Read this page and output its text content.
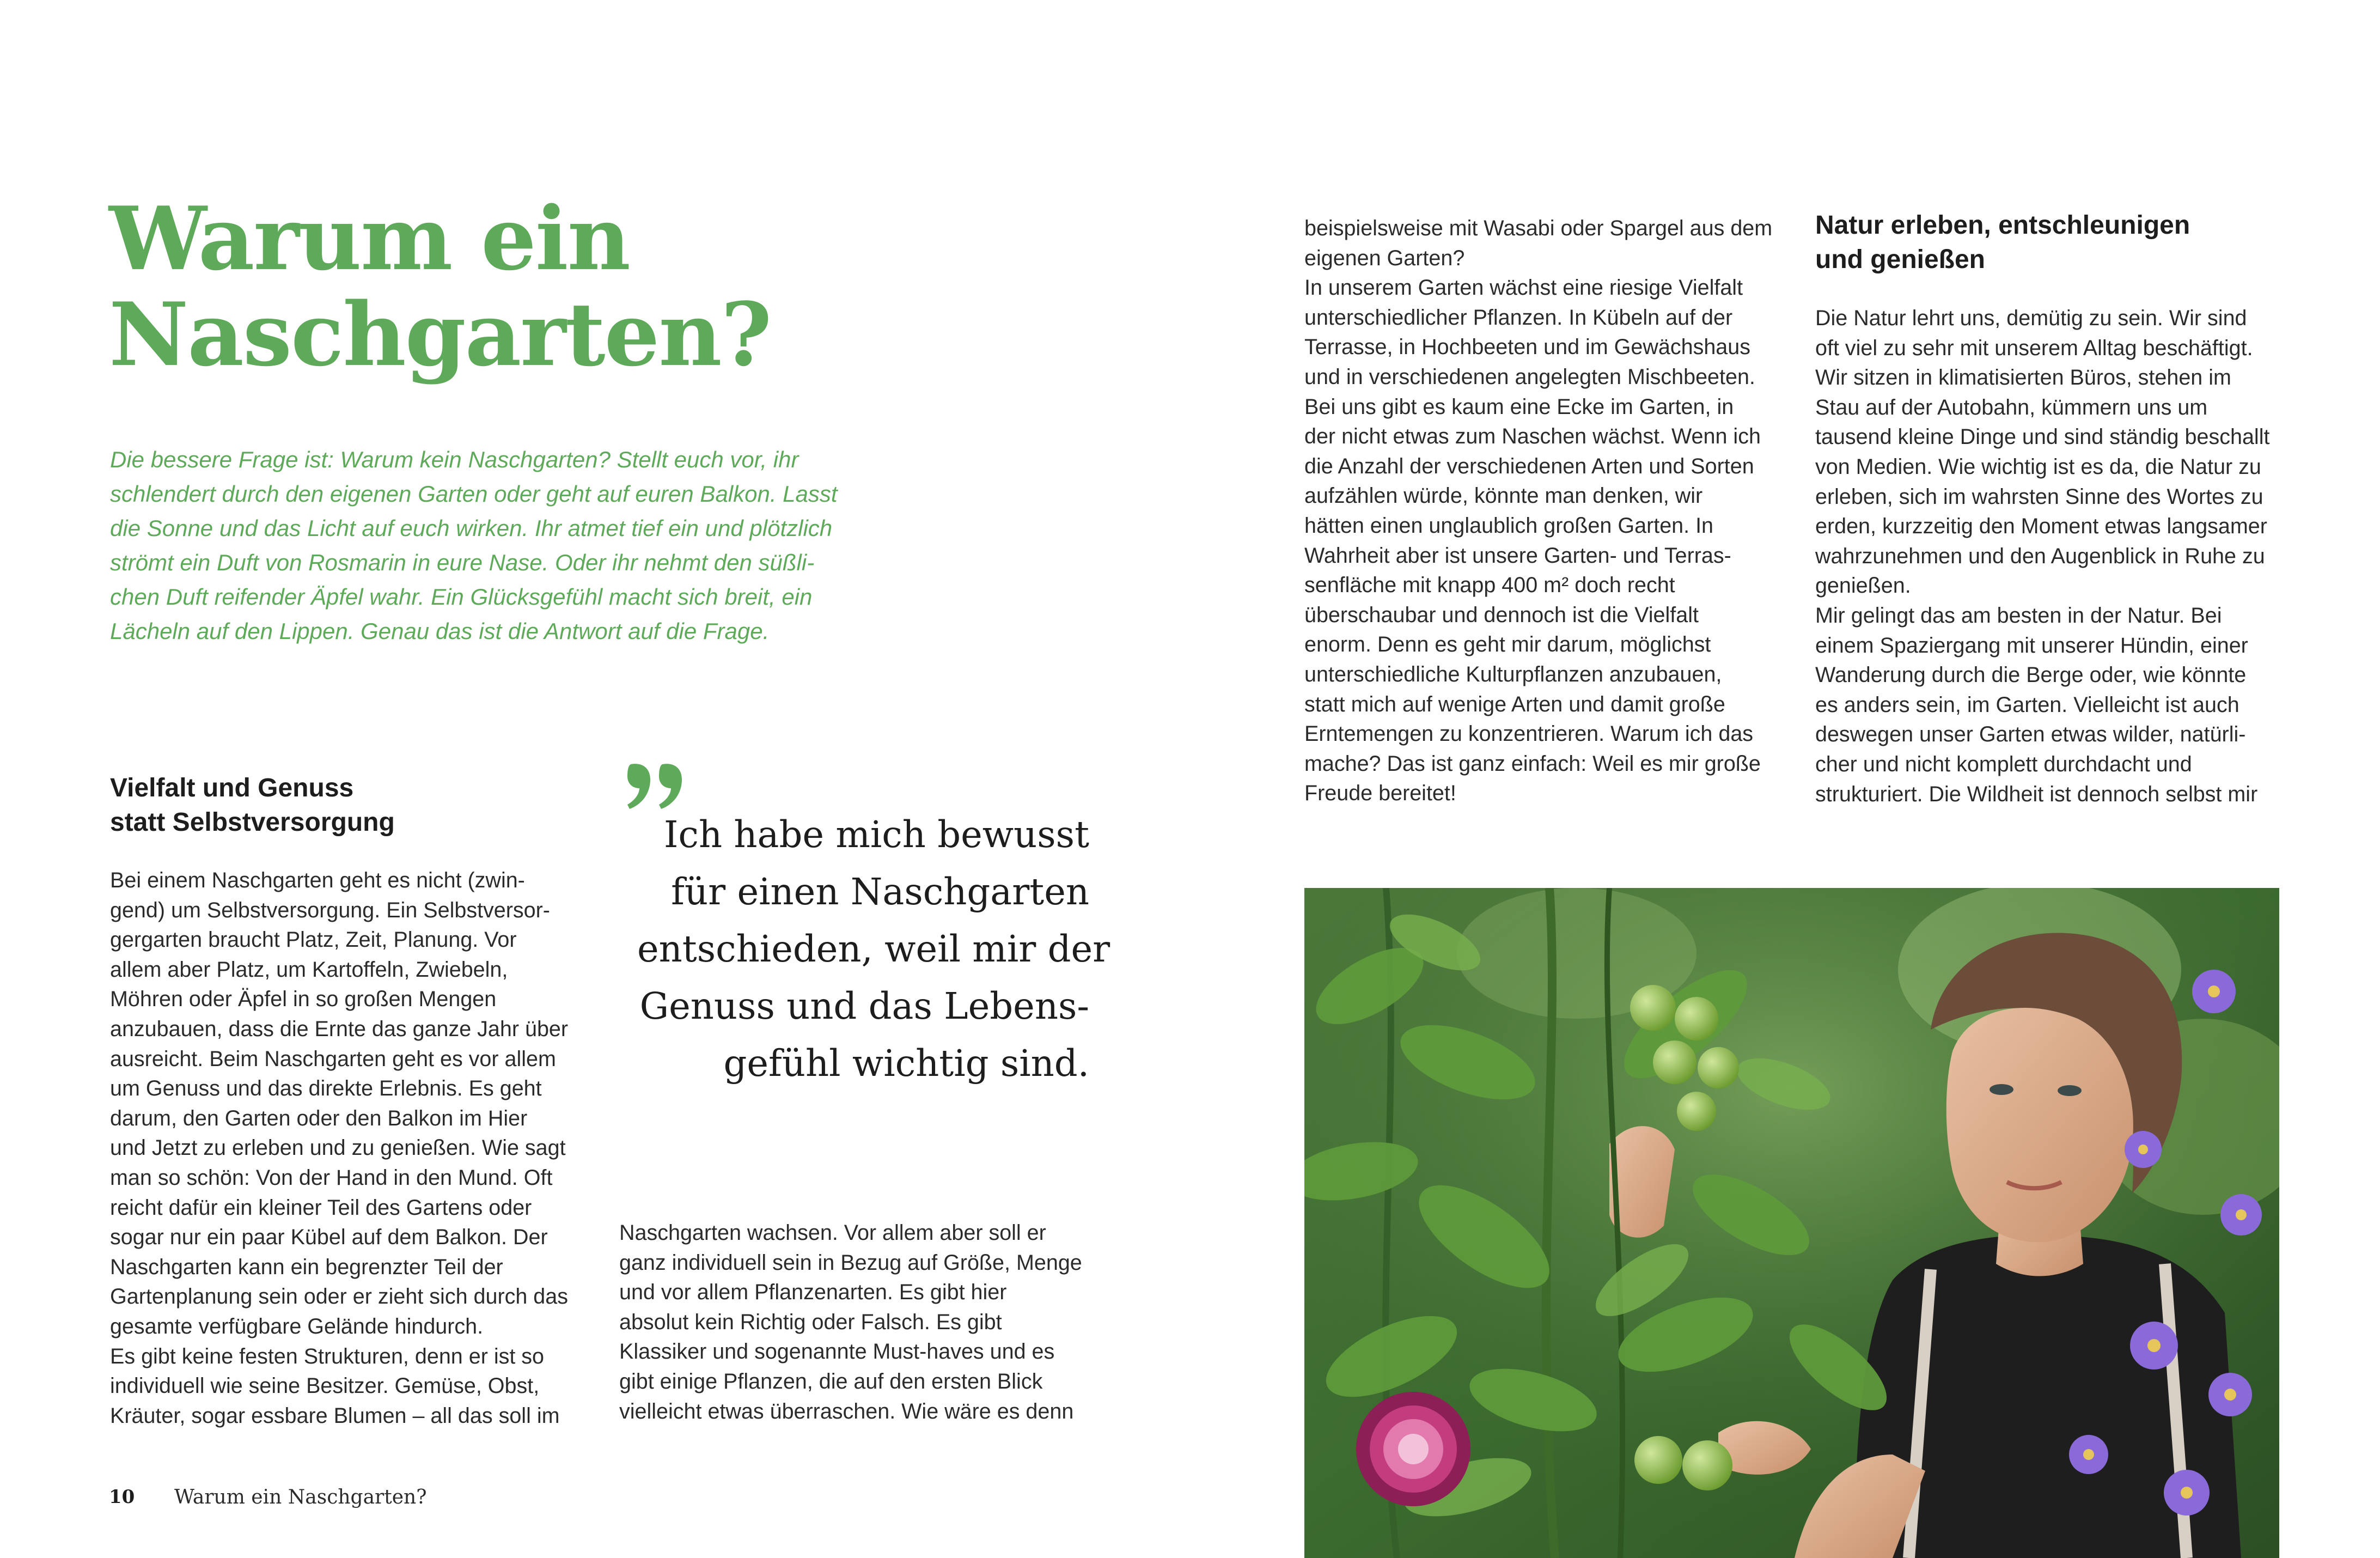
Warum ein
Naschgarten?
Die bessere Frage ist: Warum kein Naschgarten? Stellt euch vor, ihr
schlendert durch den eigenen Garten oder geht auf euren Balkon. Lasst
die Sonne und das Licht auf euch wirken. Ihr atmet tief ein und plötzlich
strömt ein Duft von Rosmarin in eure Nase. Oder ihr nehmt den süßli-
chen Duft reifender Äpfel wahr. Ein Glücksgefühl macht sich breit, ein
Lächeln auf den Lippen. Genau das ist die Antwort auf die Frage.
Vielfalt und Genuss
statt Selbstversorgung
Bei einem Naschgarten geht es nicht (zwin-
gend) um Selbstversorgung. Ein Selbstversor-
gergarten braucht Platz, Zeit, Planung. Vor
allem aber Platz, um Kartoffeln, Zwiebeln,
Möhren oder Äpfel in so großen Mengen
anzubauen, dass die Ernte das ganze Jahr über
ausreicht. Beim Naschgarten geht es vor allem
um Genuss und das direkte Erlebnis. Es geht
darum, den Garten oder den Balkon im Hier
und Jetzt zu erleben und zu genießen. Wie sagt
man so schön: Von der Hand in den Mund. Oft
reicht dafür ein kleiner Teil des Gartens oder
sogar nur ein paar Kübel auf dem Balkon. Der
Naschgarten kann ein begrenzter Teil der
Gartenplanung sein oder er zieht sich durch das
gesamte verfügbare Gelände hindurch.
Es gibt keine festen Strukturen, denn er ist so
individuell wie seine Besitzer. Gemüse, Obst,
Kräuter, sogar essbare Blumen – all das soll im
Ich habe mich bewusst
für einen Naschgarten
entschieden, weil mir der
Genuss und das Lebens-
gefühl wichtig sind.
Naschgarten wachsen. Vor allem aber soll er
ganz individuell sein in Bezug auf Größe, Menge
und vor allem Pflanzenarten. Es gibt hier
absolut kein Richtig oder Falsch. Es gibt
Klassiker und sogenannte Must-haves und es
gibt einige Pflanzen, die auf den ersten Blick
vielleicht etwas überraschen. Wie wäre es denn
beispielsweise mit Wasabi oder Spargel aus dem
eigenen Garten?
In unserem Garten wächst eine riesige Vielfalt
unterschiedlicher Pflanzen. In Kübeln auf der
Terrasse, in Hochbeeten und im Gewächshaus
und in verschiedenen angelegten Mischbeeten.
Bei uns gibt es kaum eine Ecke im Garten, in
der nicht etwas zum Naschen wächst. Wenn ich
die Anzahl der verschiedenen Arten und Sorten
aufzählen würde, könnte man denken, wir
hätten einen unglaublich großen Garten. In
Wahrheit aber ist unsere Garten- und Terras-
senfläche mit knapp 400 m² doch recht
überschaubar und dennoch ist die Vielfalt
enorm. Denn es geht mir darum, möglichst
unterschiedliche Kulturpflanzen anzubauen,
statt mich auf wenige Arten und damit große
Erntemengen zu konzentrieren. Warum ich das
mache? Das ist ganz einfach: Weil es mir große
Freude bereitet!
Natur erleben, entschleunigen
und genießen
Die Natur lehrt uns, demütig zu sein. Wir sind
oft viel zu sehr mit unserem Alltag beschäftigt.
Wir sitzen in klimatisierten Büros, stehen im
Stau auf der Autobahn, kümmern uns um
tausend kleine Dinge und sind ständig beschallt
von Medien. Wie wichtig ist es da, die Natur zu
erleben, sich im wahrsten Sinne des Wortes zu
erden, kurzzeitig den Moment etwas langsamer
wahrzunehmen und den Augenblick in Ruhe zu
genießen.
Mir gelingt das am besten in der Natur. Bei
einem Spaziergang mit unserer Hündin, einer
Wanderung durch die Berge oder, wie könnte
es anders sein, im Garten. Vielleicht ist auch
deswegen unser Garten etwas wilder, natürli-
cher und nicht komplett durchdacht und
strukturiert. Die Wildheit ist dennoch selbst mir
10 Warum ein Naschgarten?
